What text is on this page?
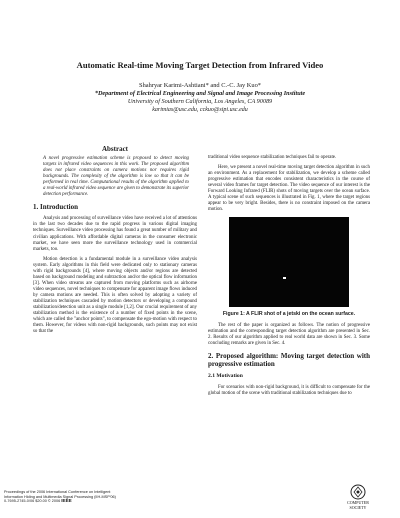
Automatic Real-time Moving Target Detection from Infrared Video
Shahryar Karimi-Ashtiani* and C.-C. Jay Kuo*
*Department of Electrical Engineering and Signal and Image Processing Institute
University of Southern California, Los Angeles, CA 90089
karimias@usc.edu, cckuo@sipi.usc.edu
Abstract
A novel progressive estimation scheme is proposed to detect moving targets in infrared video sequences in this work. The proposed algorithm does not place constraints on camera motions nor requires rigid backgrounds. The complexity of the algorithm is low so that it can be performed in real time. Computational results of the algorithm applied to a real-world infrared video sequence are given to demonstrate its superior detection performance.
1. Introduction

Analysis and processing of surveillance video have received a lot of attentions in the last two decades due to the rapid progress in various digital imaging techniques. Surveillance video processing has found a great number of military and civilian applications. With affordable digital cameras in the consumer electronic market, we have seen more the surveillance technology used in commercial markets, too.

Motion detection is a fundamental module in a surveillance video analysis system. Early algorithms in this field were dedicated only to stationary cameras with rigid backgrounds [4], where moving objects and/or regions are detected based on background modeling and subtraction and/or the optical flow information [3]. When video streams are captured from moving platforms such as airborne video sequences, novel techniques to compensate for apparent image flows induced by camera motions are needed. This is often solved by adopting a variety of stabilization techniques cascaded by motion detectors or developing a compound stabilization/detection unit as a single module [1,2]. Our crucial requirement of any stabilization method is the existence of a number of fixed points in the scene, which are called the "anchor points", to compensate the ego-motion with respect to them. However, for videos with non-rigid backgrounds, such points may not exist so that the

traditional video sequence stabilization techniques fail to operate.

Here, we present a novel real-time moving target detection algorithm in such an environment. As a replacement for stabilization, we develop a scheme called progressive estimation that encodes consistent characteristics in the course of several video frames for target detection. The video sequence of our interest is the Forward Looking Infrared (FLIR) shots of moving targets over the ocean surface. A typical scene of such sequences is illustrated in Fig. 1, where the target regions appear to be very bright. Besides, there is no constraint imposed on the camera motion.

Figure 1: A FLIR shot of a jetski on the ocean surface.

The rest of the paper is organized as follows. The notion of progressive estimation and the corresponding target detection algorithm are presented in Sec. 2. Results of our algorithm applied to real world data are shown in Sec. 3. Some concluding remarks are given in Sec. 4.

2. Proposed algorithm: Moving target detection with progressive estimation
2.1 Motivation

For scenarios with non-rigid background, it is difficult to compensate for the global motion of the scene with traditional stabilization techniques due to

Proceedings of the 2006 International Conference on Intelligent
Information Hiding and Multimedia Signal Processing (IIH-MSP'06)
0-7695-2745-0/06 $20.00 © 2006 IEEE	COMPUTER
SOCIETY
